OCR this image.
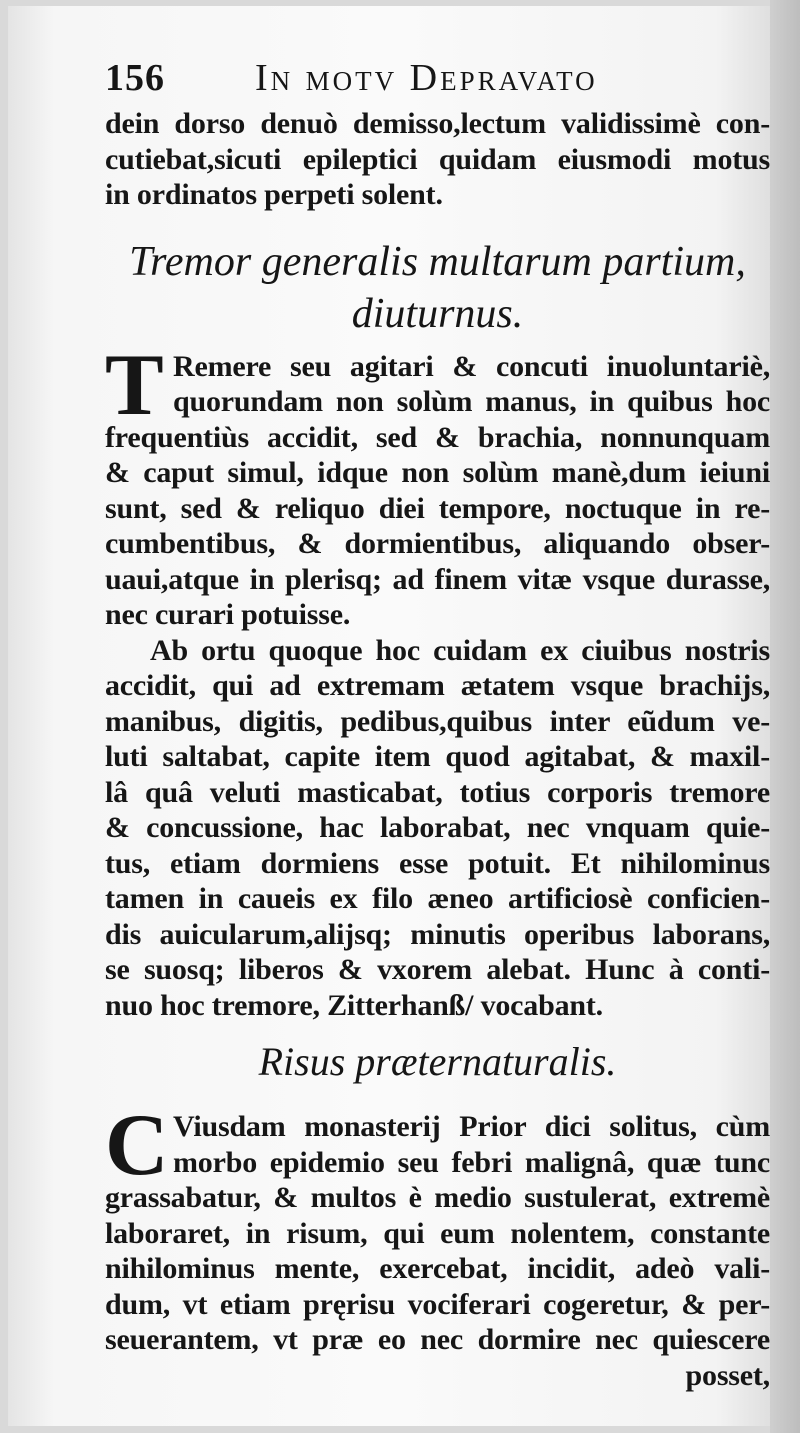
156	In motv Depravato
dein dorso denuò demisso,lectum validissimè con-
cutiebat,sicuti epileptici quidam eiusmodi motus
in ordinatos perpeti solent.
Tremor generalis multarum partium,
diuturnus.
T Remere seu agitari & concuti inuoluntariè,
quorundam non solùm manus, in quibus hoc
frequentiùs accidit, sed & brachia, nonnunquam
& caput simul, idque non solùm manè,dum ieiuni
sunt, sed & reliquo diei tempore, noctuque in re-
cumbentibus, & dormientibus, aliquando obser-
uaui,atque in plerisq; ad finem vitæ vsque durasse,
nec curari potuisse.
Ab ortu quoque hoc cuidam ex ciuibus nostris
accidit, qui ad extremam ætatem vsque brachijs,
manibus, digitis, pedibus,quibus inter eũdum ve-
luti saltabat, capite item quod agitabat, & maxil-
lâ quâ veluti masticabat, totius corporis tremore
& concussione, hac laborabat, nec vnquam quie-
tus, etiam dormiens esse potuit. Et nihilominus
tamen in caueis ex filo æneo artificiosè conficien-
dis auicularum,alijsq; minutis operibus laborans,
se suosq; liberos & vxorem alebat. Hunc à conti-
nuo hoc tremore, Zitterhanß/ vocabant.
Risus præternaturalis.
C Viusdam monasterij Prior dici solitus, cùm
morbo epidemio seu febri malignâ, quæ tunc
grassabatur, & multos è medio sustulerat, extremè
laboraret, in risum, qui eum nolentem, constante
nihilominus mente, exercebat, incidit, adeò vali-
dum, vt etiam pręrisu vociferari cogeretur, & per-
seuerantem, vt præ eo nec dormire nec quiescere
posset,
